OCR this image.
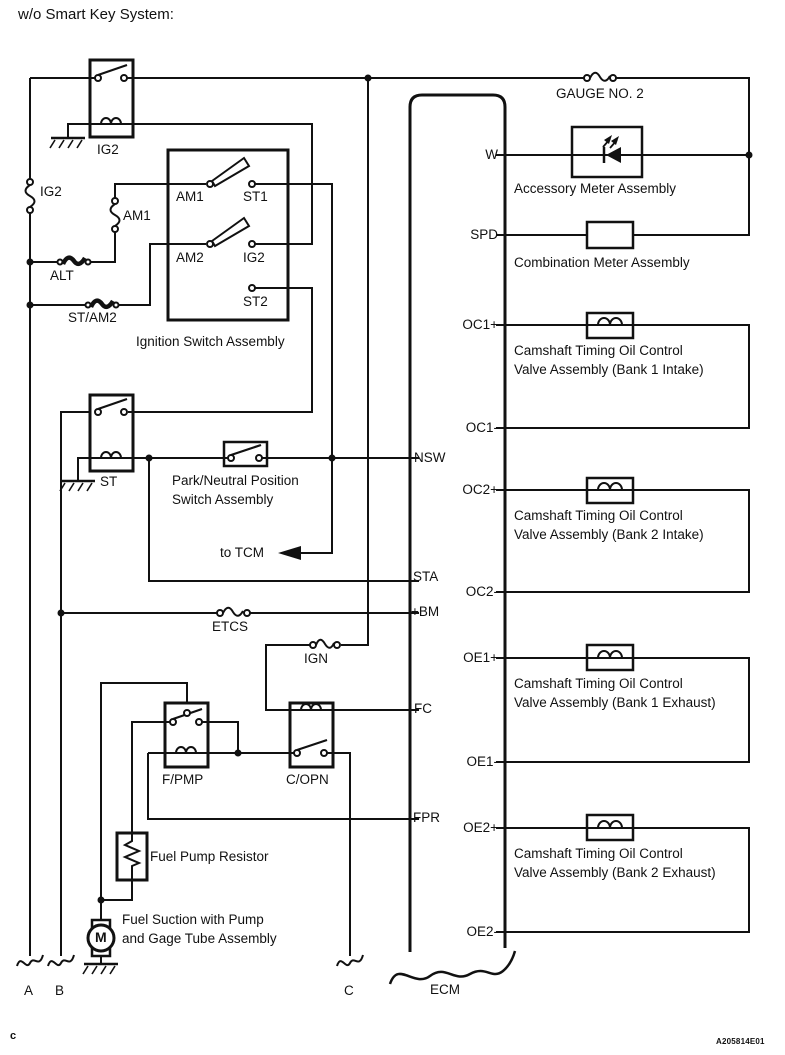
w/o Smart Key System:
GAUGE NO. 2
IG2
AM1
ETCS
IGN
ALT
ST/AM2
IG2
ST
F/PMP	C/OPN
AM1	ST1
AM2	IG2
ST2
Ignition Switch Assembly
Park/Neutral Position
Switch Assembly
to TCM
Accessory Meter Assembly
Combination Meter Assembly
Camshaft Timing Oil Control
Valve Assembly (Bank 1 Intake)
Camshaft Timing Oil Control
Valve Assembly (Bank 2 Intake)
Camshaft Timing Oil Control
Valve Assembly (Bank 1 Exhaust)
Camshaft Timing Oil Control
Valve Assembly (Bank 2 Exhaust)
Fuel Pump Resistor
Fuel Suction with Pump
and Gage Tube Assembly
M
NSW
STA
+BM
FC
FPR
W
SPD
OC1+
OC1-
OC2+
OC2-
OE1+
OE1-
OE2+
OE2-
ECM
A B	C
c	A205814E01
